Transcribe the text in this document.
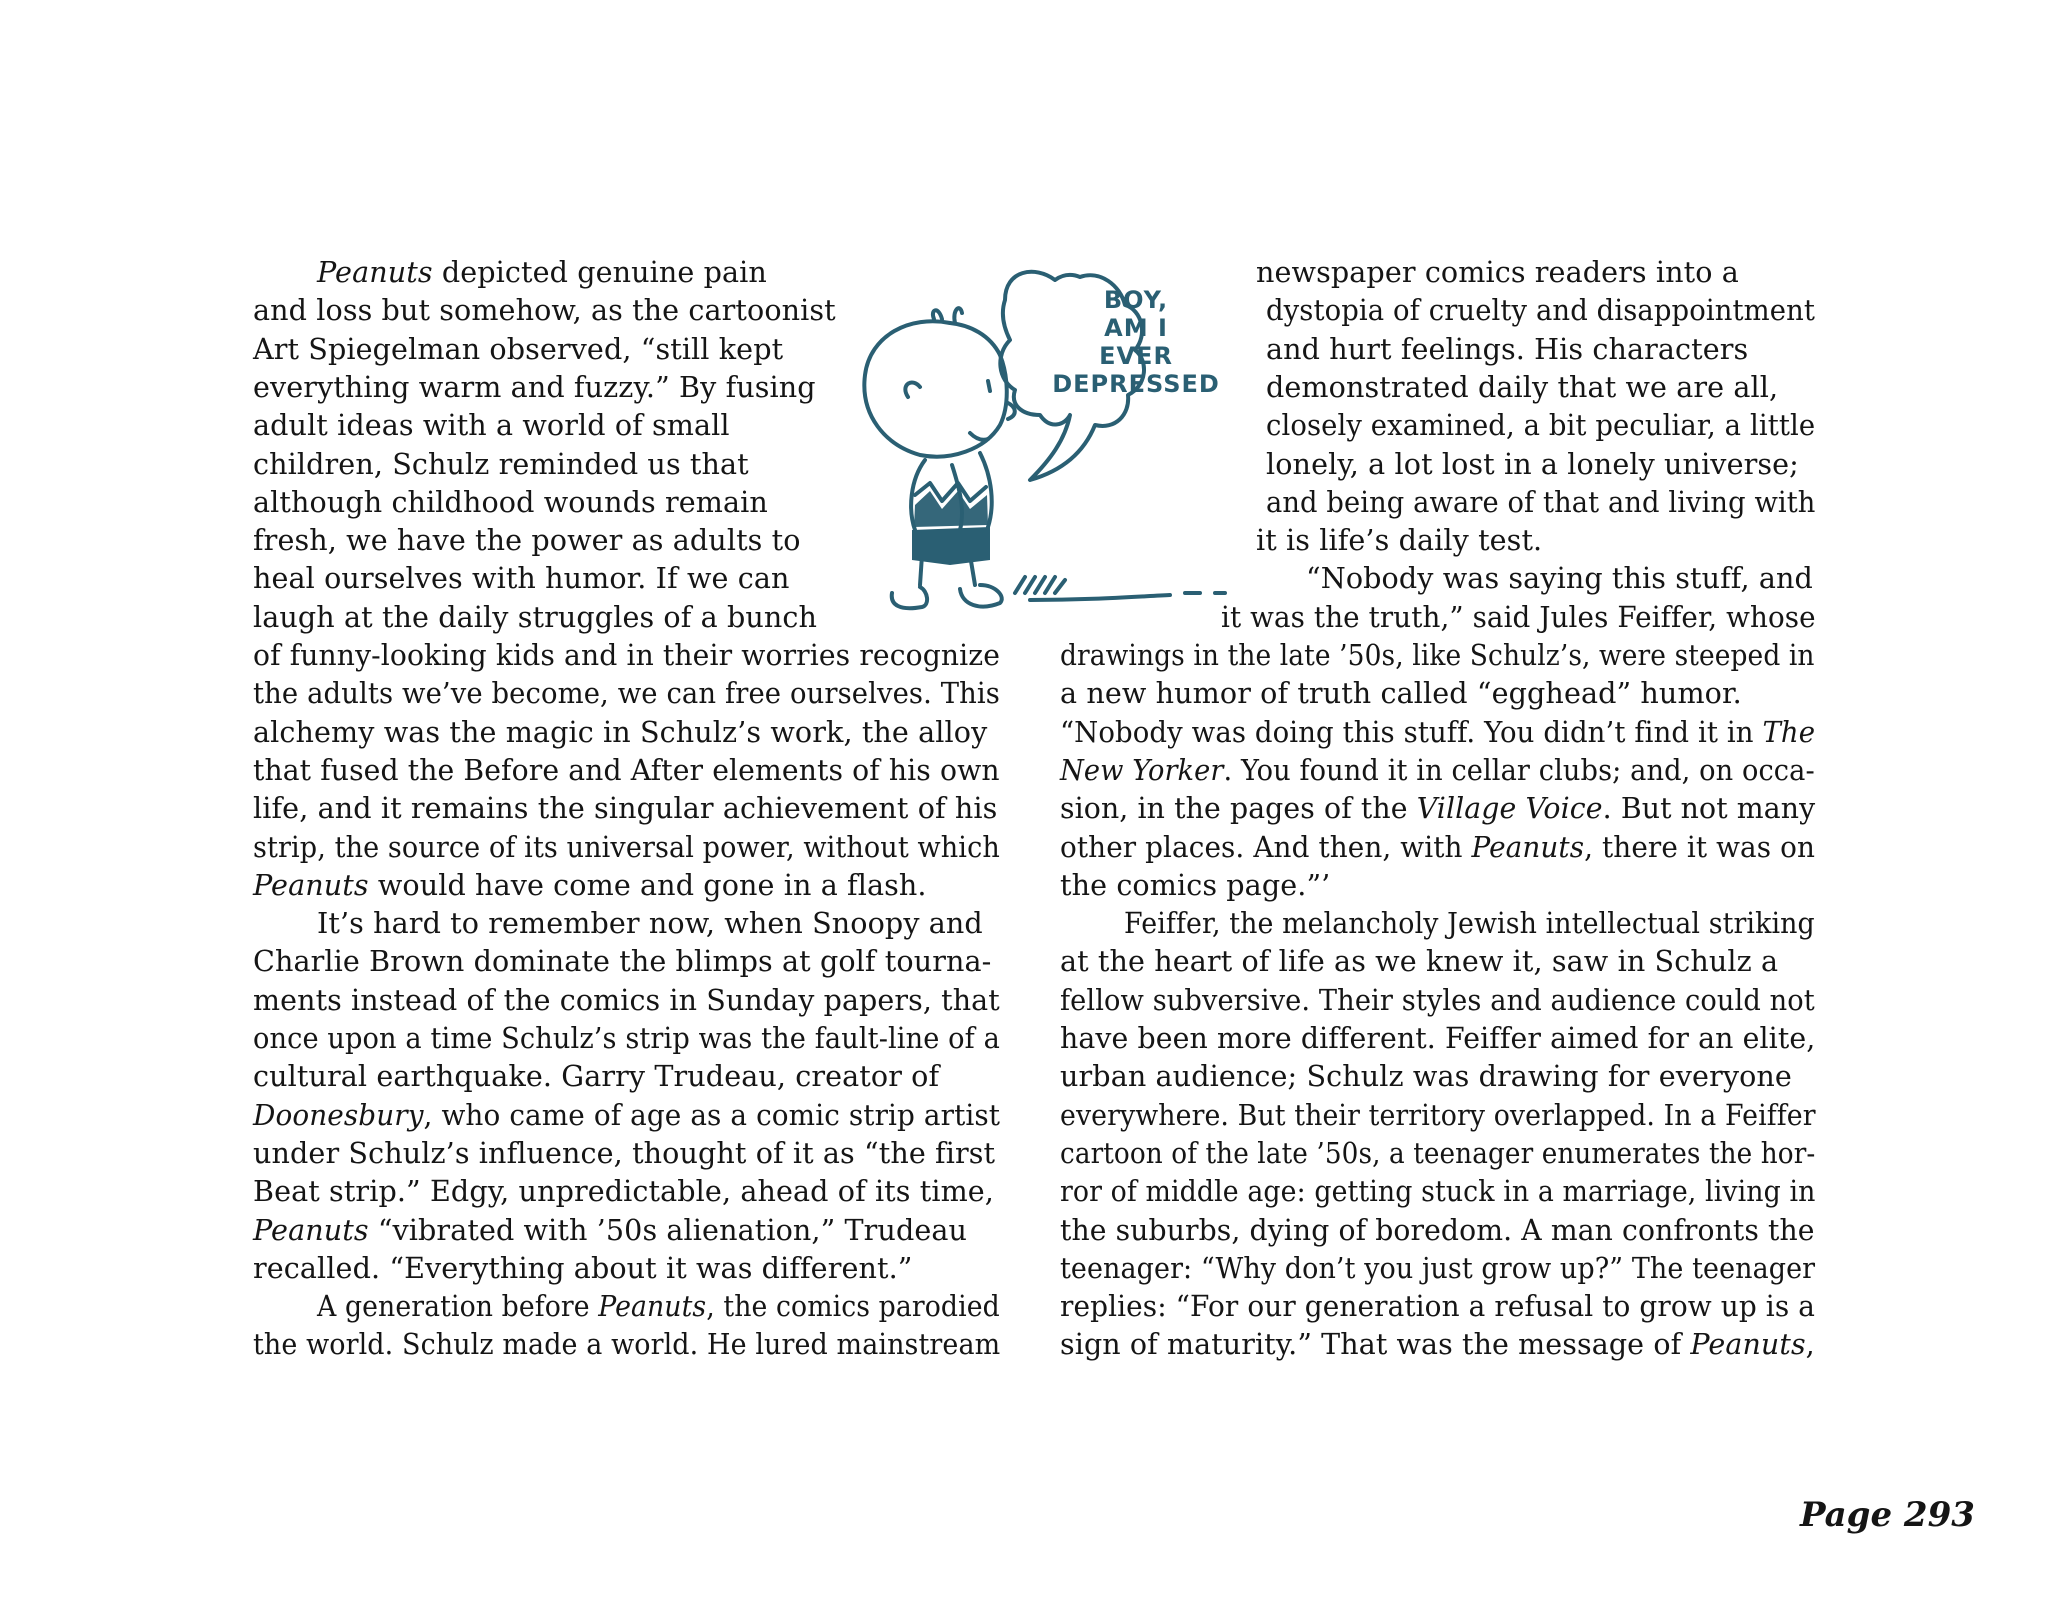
Peanuts depicted genuine pain
and loss but somehow, as the cartoonist
Art Spiegelman observed, “still kept
everything warm and fuzzy.” By fusing
adult ideas with a world of small
children, Schulz reminded us that
although childhood wounds remain
fresh, we have the power as adults to
heal ourselves with humor. If we can
laugh at the daily struggles of a bunch
of funny-looking kids and in their worries recognize
the adults we’ve become, we can free ourselves. This
alchemy was the magic in Schulz’s work, the alloy
that fused the Before and After elements of his own
life, and it remains the singular achievement of his
strip, the source of its universal power, without which
Peanuts would have come and gone in a flash.
It’s hard to remember now, when Snoopy and
Charlie Brown dominate the blimps at golf tourna-
ments instead of the comics in Sunday papers, that
once upon a time Schulz’s strip was the fault-line of a
cultural earthquake. Garry Trudeau, creator of
Doonesbury, who came of age as a comic strip artist
under Schulz’s influence, thought of it as “the first
Beat strip.” Edgy, unpredictable, ahead of its time,
Peanuts “vibrated with ’50s alienation,” Trudeau
recalled. “Everything about it was different.”
A generation before Peanuts, the comics parodied
the world. Schulz made a world. He lured mainstream
newspaper comics readers into a
dystopia of cruelty and disappointment
and hurt feelings. His characters
demonstrated daily that we are all,
closely examined, a bit peculiar, a little
lonely, a lot lost in a lonely universe;
and being aware of that and living with
it is life’s daily test.
“Nobody was saying this stuff, and
it was the truth,” said Jules Feiffer, whose
drawings in the late ’50s, like Schulz’s, were steeped in
a new humor of truth called “egghead” humor.
“Nobody was doing this stuff. You didn’t find it in The
New Yorker. You found it in cellar clubs; and, on occa-
sion, in the pages of the Village Voice. But not many
other places. And then, with Peanuts, there it was on
the comics page.”’
Feiffer, the melancholy Jewish intellectual striking
at the heart of life as we knew it, saw in Schulz a
fellow subversive. Their styles and audience could not
have been more different. Feiffer aimed for an elite,
urban audience; Schulz was drawing for everyone
everywhere. But their territory overlapped. In a Feiffer
cartoon of the late ’50s, a teenager enumerates the hor-
ror of middle age: getting stuck in a marriage, living in
the suburbs, dying of boredom. A man confronts the
teenager: “Why don’t you just grow up?” The teenager
replies: “For our generation a refusal to grow up is a
sign of maturity.” That was the message of Peanuts,
BOY,
AM I
EVER
DEPRESSED
Page 293
